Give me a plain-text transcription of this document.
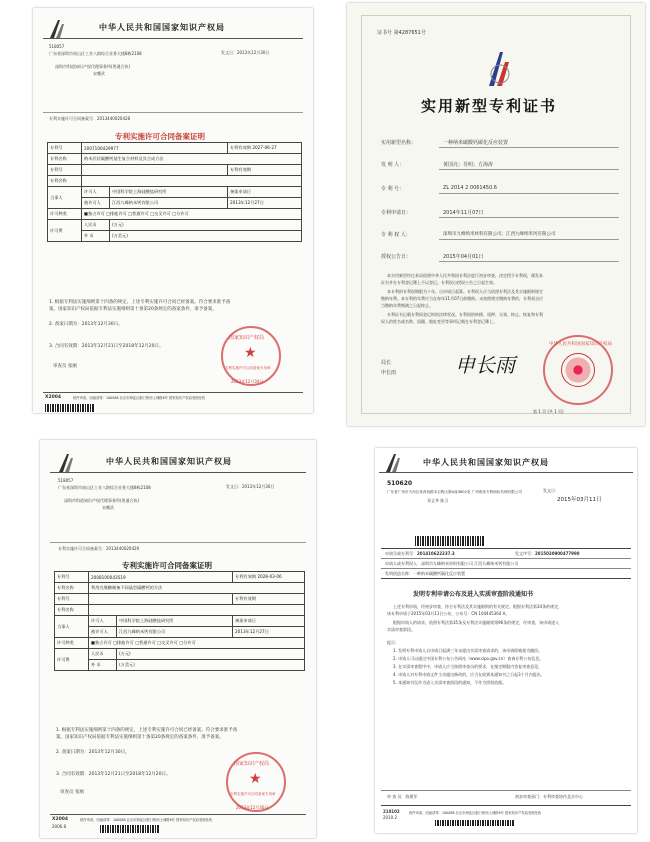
中华人民共和国国家知识产权局
518057
广东省深圳市南山区工业八路综合业务大楼8栋2108
深圳市科道知识产权代理事务所(普通合伙)
宋鹰武
发文日：2013年12月30日
专利实施许可合同备案号：2013440020428
专利实施许可合同备案证明
专利号	2007100429977		专利有效期 2027-06-27
专利名称	纳米层状碳酸钙基生复合材料及其合成方法		
专利号			专利有效期
专利名称			
当事人	许可人	中国科学院上海硅酸盐研究所	备案申请日
	被许可人	江西九峰纳米钙有限公司	2013年12月27日
许可种类	■独占许可 □排他许可 □普通许可 □交叉许可 □分许可		
许可费	人民币	(万元)	
	外 币	(万美元)	
1. 根据专利法实施细则第十四条的规定，上述专利实施许可合同已经备案。符合要求准予备
案。国家知识产权局依据专利法实施细则第十条第20条规定的备案条件，准予备案。
2. 备案日期为：2013年12月30日。
3. 合同有效期：2013年12月21日至2018年12月20日。
审查员 张厕
★
国家知识产权局
专利实施许可合同备案专用章
2013年12月30日
X2004	纸件申请，回函请寄：100088 北京市海淀区蓟门桥西土城路6号 国家知识产权局受理处收
证书号 第4287651号
实用新型专利证书
实用新型名称：	一种纳米碳酸钙碳化反应装置
发 明 人：	黄国亮；肖明；方海涛
专 利 号：	ZL 2014 2 0061450.6
专利申请日：	2014年11月07日
专 利 权 人：	深圳市九峰纳米材料有限公司；江西九峰纳米钙有限公司
授权公告日：	2015年04月01日
本实用新型经过本局依照中华人民共和国专利法进行初步审查，决定授予专利权，颁发本
证书并在专利登记簿上予以登记。专利权自授权公告之日起生效。
本专利的专利权期限为十年，自申请日起算。专利权人应当依照专利法及其实施细则规定
缴纳年费。本专利的年费应当在每年11月07日前缴纳。未按照规定缴纳年费的，专利权自应
当缴纳年费期满之日起终止。
专利证书记载专利权登记时的法律状况。专利权的转移、质押、无效、终止、恢复和专利
权人的姓名或名称、国籍、地址变更等事项记载在专利登记簿上。
局长
申长雨	申长雨
中华人民共和国国家知识产权局
第 1 页 (共 1 页)
中华人民共和国国家知识产权局
518057
广东省深圳市南山区工业八路综合业务大楼8栋2108
深圳市科道知识产权代理事务所(普通合伙)
宋鹰武
发文日：2013年12月30日
专利实施许可合同备案号：2013440020429
专利实施许可合同备案证明
专利号	2008100043519		专利有效期 2028-03-06
专利名称	利用壳聚糖制备不同晶型碳酸钙的方法		
专利号			专利有效期
专利名称			
当事人	许可人	中国科学院上海硅酸盐研究所	备案申请日
	被许可人	江西九峰纳米钙有限公司	2013年12月27日
许可种类	■独占许可 □排他许可 □普通许可 □交叉许可 □分许可		
许可费	人民币	(万元)	
	外 币	(万美元)	
1. 根据专利法实施细则第十四条的规定，上述专利实施许可合同已经备案。符合要求准予备
案。国家知识产权局依据专利法实施细则第十条第20条规定的备案条件，准予备案。
2. 备案日期为：2013年12月30日。
3. 合同有效期：2013年12月21日至2018年12月20日。
审查员 张厕
★
国家知识产权局
专利实施许可合同备案专用章
2013年12月30日
X2004
2006.8
纸件申请，回函请寄：100088 北京市海淀区蓟门桥西土城路6号 国家知识产权局受理处收
中华人民共和国国家知识产权局
510620
广东省广州市天河区体育西路本百陶大厦A座3802室 广州粤高专利商标代理有限公司
邓义华 陈卫
发文日：
2015年03月11日
申请号或专利号：201410622237.3	发文序号：2015030900477990
申请人或专利权人：深圳市九峰纳米材料有限公司 江西九峰纳米钙有限公司
发明创造名称：一种纳米碳酸钙碳化反应装置
发明专利申请公布及进入实质审查阶段通知书
上述专利申请，经初步审查，符合专利法及其实施细则的有关规定。根据专利法第34条的规定，
该专利申请于2015年03月11日公布，公布号：CN 104445364 A。
根据申请人的请求，依照专利法第35条及专利法实施细则第96条的规定，经审查，该申请进入
实质审查阶段。
提示：
1. 发明专利申请人自申请日起满三年未提出实质审查请求的，该申请即被视为撤回。
2. 申请人可以通过中国专利公布公告网站（www.sipo.gov.cn）查询专利公布信息。
3. 在实质审查程序中，申请人应当按照审查员的要求，在指定期限内答复审查意见。
4. 申请人对专利申请文件主动提出修改的，应当在收到本通知书之日起3个月内提出。
5. 本通知书仅作为进入实质审查阶段的通知，不作为授权依据。
审 查 员：陈建军	初步审查部门：专利审查协作北京中心
210102
2010.2
纸件申请，回函请寄：100088 北京市海淀区蓟门桥西土城路6号 国家知识产权局受理处收
